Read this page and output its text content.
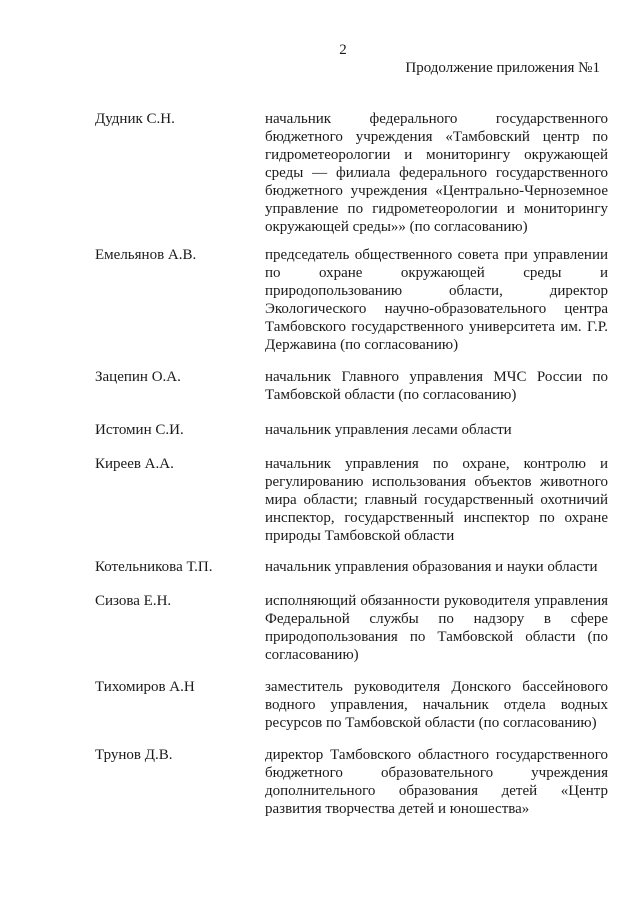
2
Продолжение приложения №1
Дудник С.Н.	начальник федерального государственного бюджетного учреждения «Тамбовский центр по гидрометеорологии и мониторингу окружающей среды — филиала федерального государственного бюджетного учреждения «Центрально-Черноземное управление по гидрометеорологии и мониторингу окружающей среды»» (по согласованию)
Емельянов А.В.	председатель общественного совета при управлении по охране окружающей среды и природопользованию области, директор Экологического научно-образовательного центра Тамбовского государственного университета им. Г.Р. Державина (по согласованию)
Зацепин О.А.	начальник Главного управления МЧС России по Тамбовской области (по согласованию)
Истомин С.И.	начальник управления лесами области
Киреев А.А.	начальник управления по охране, контролю и регулированию использования объектов животного мира области; главный государственный охотничий инспектор, государственный инспектор по охране природы Тамбовской области
Котельникова Т.П.	начальник управления образования и науки области
Сизова Е.Н.	исполняющий обязанности руководителя управления Федеральной службы по надзору в сфере природопользования по Тамбовской области (по согласованию)
Тихомиров А.Н	заместитель руководителя Донского бассейнового водного управления, начальник отдела водных ресурсов по Тамбовской области (по согласованию)
Трунов Д.В.	директор Тамбовского областного государственного бюджетного образовательного учреждения дополнительного образования детей «Центр развития творчества детей и юношества»
